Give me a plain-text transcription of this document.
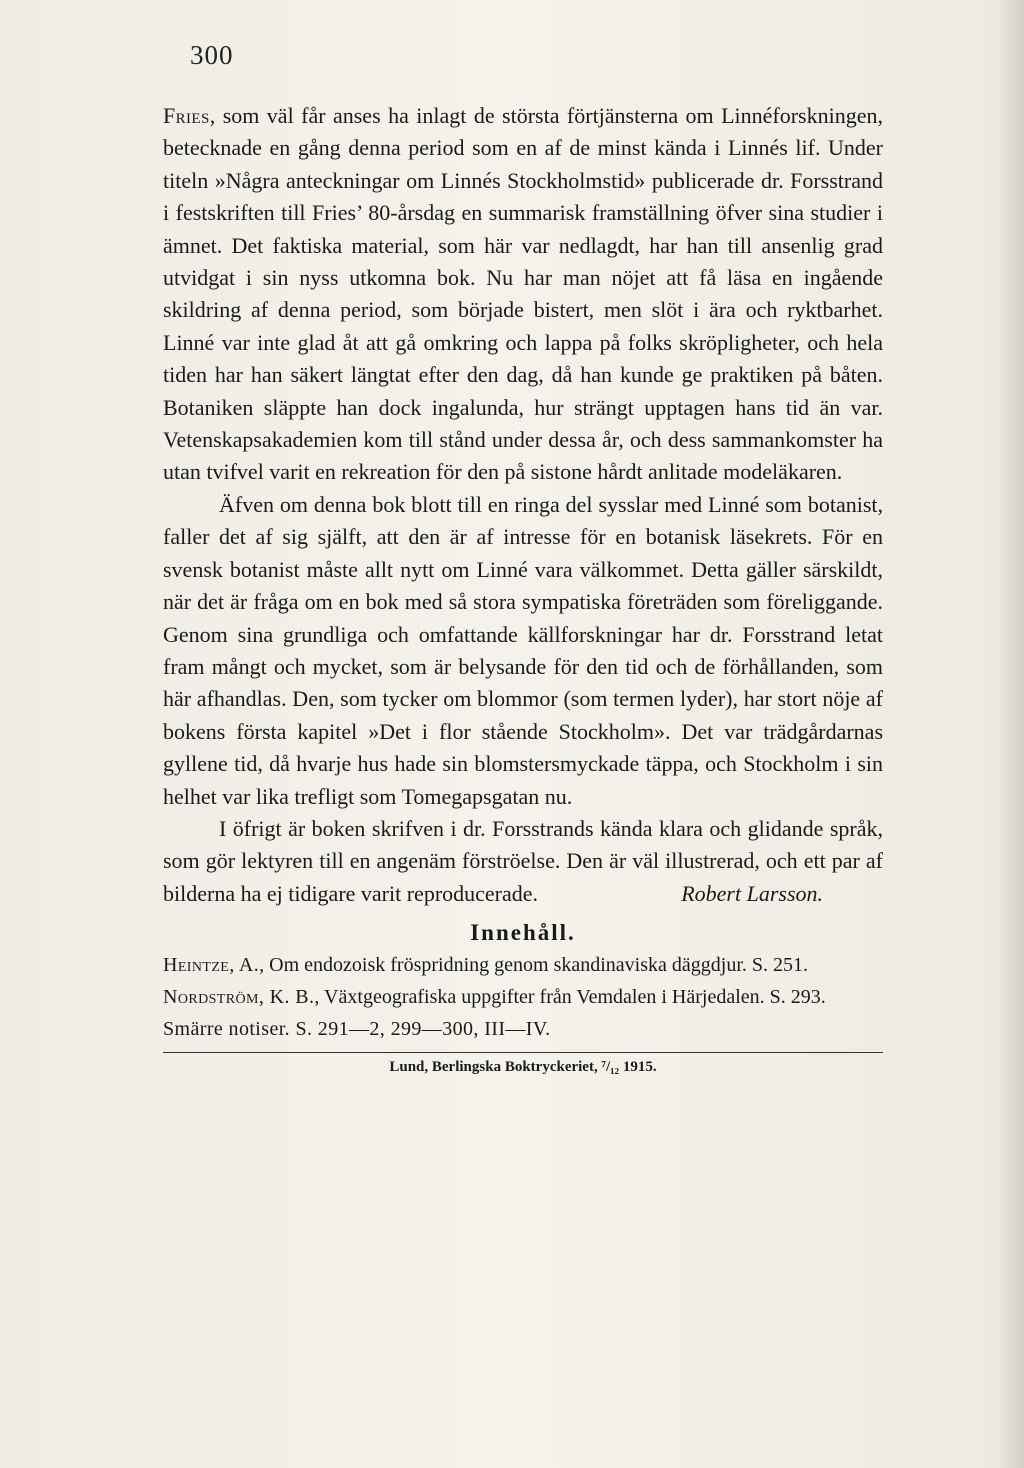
300

Fries, som väl får anses ha inlagt de största förtjänsterna om Linnéforskningen, betecknade en gång denna period som en af de minst kända i Linnés lif. Under titeln »Några anteckningar om Linnés Stockholmstid» publicerade dr. Forsstrand i festskriften till Fries’ 80-årsdag en summarisk framställning öfver sina studier i ämnet. Det faktiska material, som här var nedlagdt, har han till ansenlig grad utvidgat i sin nyss utkomna bok. Nu har man nöjet att få läsa en ingående skildring af denna period, som började bistert, men slöt i ära och ryktbarhet. Linné var inte glad åt att gå omkring och lappa på folks skröpligheter, och hela tiden har han säkert längtat efter den dag, då han kunde ge praktiken på båten. Botaniken släppte han dock ingalunda, hur strängt upptagen hans tid än var. Vetenskapsakademien kom till stånd under dessa år, och dess sammankomster ha utan tvifvel varit en rekreation för den på sistone hårdt anlitade modeläkaren.

Äfven om denna bok blott till en ringa del sysslar med Linné som botanist, faller det af sig själft, att den är af intresse för en botanisk läsekrets. För en svensk botanist måste allt nytt om Linné vara välkommet. Detta gäller särskildt, när det är fråga om en bok med så stora sympatiska företräden som föreliggande. Genom sina grundliga och omfattande källforskningar har dr. Forsstrand letat fram mångt och mycket, som är belysande för den tid och de förhållanden, som här afhandlas. Den, som tycker om blommor (som termen lyder), har stort nöje af bokens första kapitel »Det i flor stående Stockholm». Det var trädgårdarnas gyllene tid, då hvarje hus hade sin blomstersmyckade täppa, och Stockholm i sin helhet var lika trefligt som Tomegapsgatan nu.

I öfrigt är boken skrifven i dr. Forsstrands kända klara och glidande språk, som gör lektyren till en angenäm förströelse. Den är väl illustrerad, och ett par af bilderna ha ej tidigare varit reproducerade.	Robert Larsson.

Innehåll.
Heintze, A., Om endozoisk fröspridning genom skandinaviska däggdjur. S. 251.
Nordström, K. B., Växtgeografiska uppgifter från Vemdalen i Härjedalen. S. 293.
Smärre notiser. S. 291—2, 299—300, III—IV.
Lund, Berlingska Boktryckeriet, ⁷/₁₂ 1915.
